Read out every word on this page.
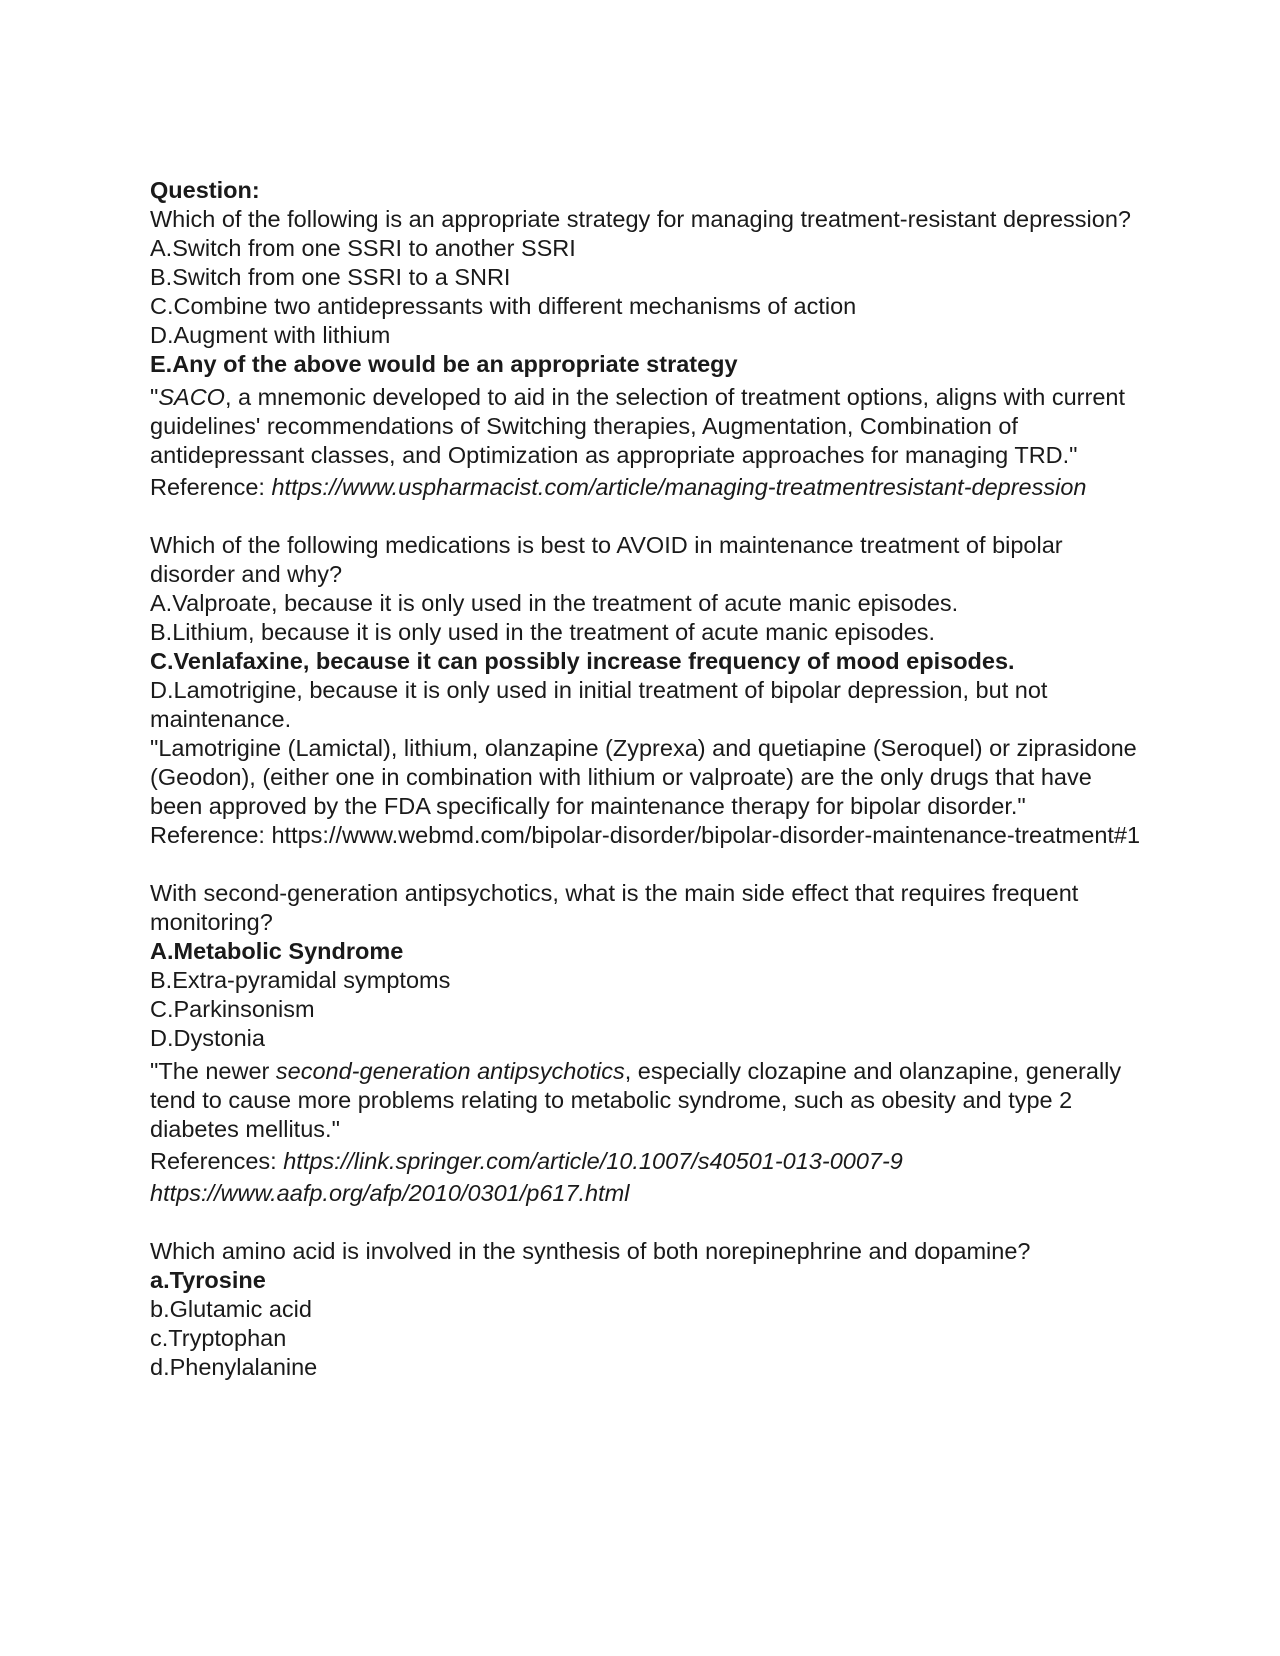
Question:

Which of the following is an appropriate strategy for managing treatment-resistant depression?

A.Switch from one SSRI to another SSRI

B.Switch from one SSRI to a SNRI

C.Combine two antidepressants with different mechanisms of action

D.Augment with lithium

E.Any of the above would be an appropriate strategy

"SACO, a mnemonic developed to aid in the selection of treatment options, aligns with current guidelines' recommendations of Switching therapies, Augmentation, Combination of antidepressant classes, and Optimization as appropriate approaches for managing TRD."

Reference: https://www.uspharmacist.com/article/managing-treatmentresistant-depression

Which of the following medications is best to AVOID in maintenance treatment of bipolar disorder and why?

A.Valproate, because it is only used in the treatment of acute manic episodes.

B.Lithium, because it is only used in the treatment of acute manic episodes.

C.Venlafaxine, because it can possibly increase frequency of mood episodes.

D.Lamotrigine, because it is only used in initial treatment of bipolar depression, but not maintenance.

"Lamotrigine (Lamictal), lithium, olanzapine (Zyprexa) and quetiapine (Seroquel) or ziprasidone (Geodon), (either one in combination with lithium or valproate) are the only drugs that have been approved by the FDA specifically for maintenance therapy for bipolar disorder."

Reference: https://www.webmd.com/bipolar-disorder/bipolar-disorder-maintenance-treatment#1

With second-generation antipsychotics, what is the main side effect that requires frequent monitoring?

A.Metabolic Syndrome

B.Extra-pyramidal symptoms

C.Parkinsonism

D.Dystonia

"The newer second-generation antipsychotics, especially clozapine and olanzapine, generally tend to cause more problems relating to metabolic syndrome, such as obesity and type 2 diabetes mellitus."

References: https://link.springer.com/article/10.1007/s40501-013-0007-9

https://www.aafp.org/afp/2010/0301/p617.html

Which amino acid is involved in the synthesis of both norepinephrine and dopamine?

a.Tyrosine

b.Glutamic acid

c.Tryptophan

d.Phenylalanine
